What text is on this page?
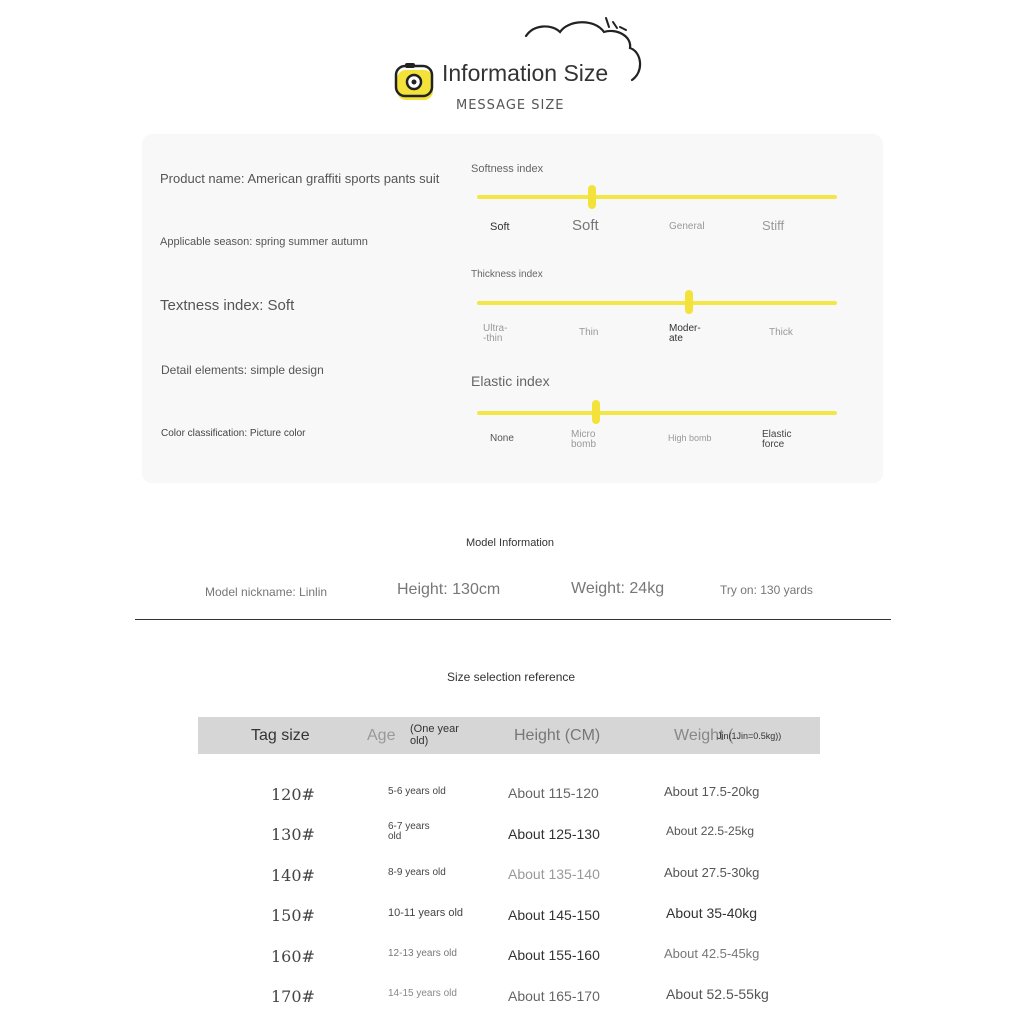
Information Size
MESSAGE SIZE
Product name: American graffiti sports pants suit
Applicable season: spring summer autumn
Textness index: Soft
Detail elements: simple design
Color classification: Picture color
Softness index
Soft	Soft	General	Stiff
Thickness index
Ultra-
-thin
Thin	Moder-
ate
Thick
Elastic index
None	Micro
bomb
High bomb	Elastic
force
Model Information
Model nickname: Linlin	Height: 130cm	Weight: 24kg	Try on: 130 yards
Size selection reference
Tag size	Age (One year
old)	Height (CM)	Weight (
Jin(1Jin=0.5kg))
120#	5-6 years old	About 115-120	About 17.5-20kg
130#	6-7 years
old	About 125-130	About 22.5-25kg
140#	8-9 years old	About 135-140	About 27.5-30kg
150#	10-11 years old	About 145-150	About 35-40kg
160#	12-13 years old	About 155-160	About 42.5-45kg
170#	14-15 years old	About 165-170	About 52.5-55kg
